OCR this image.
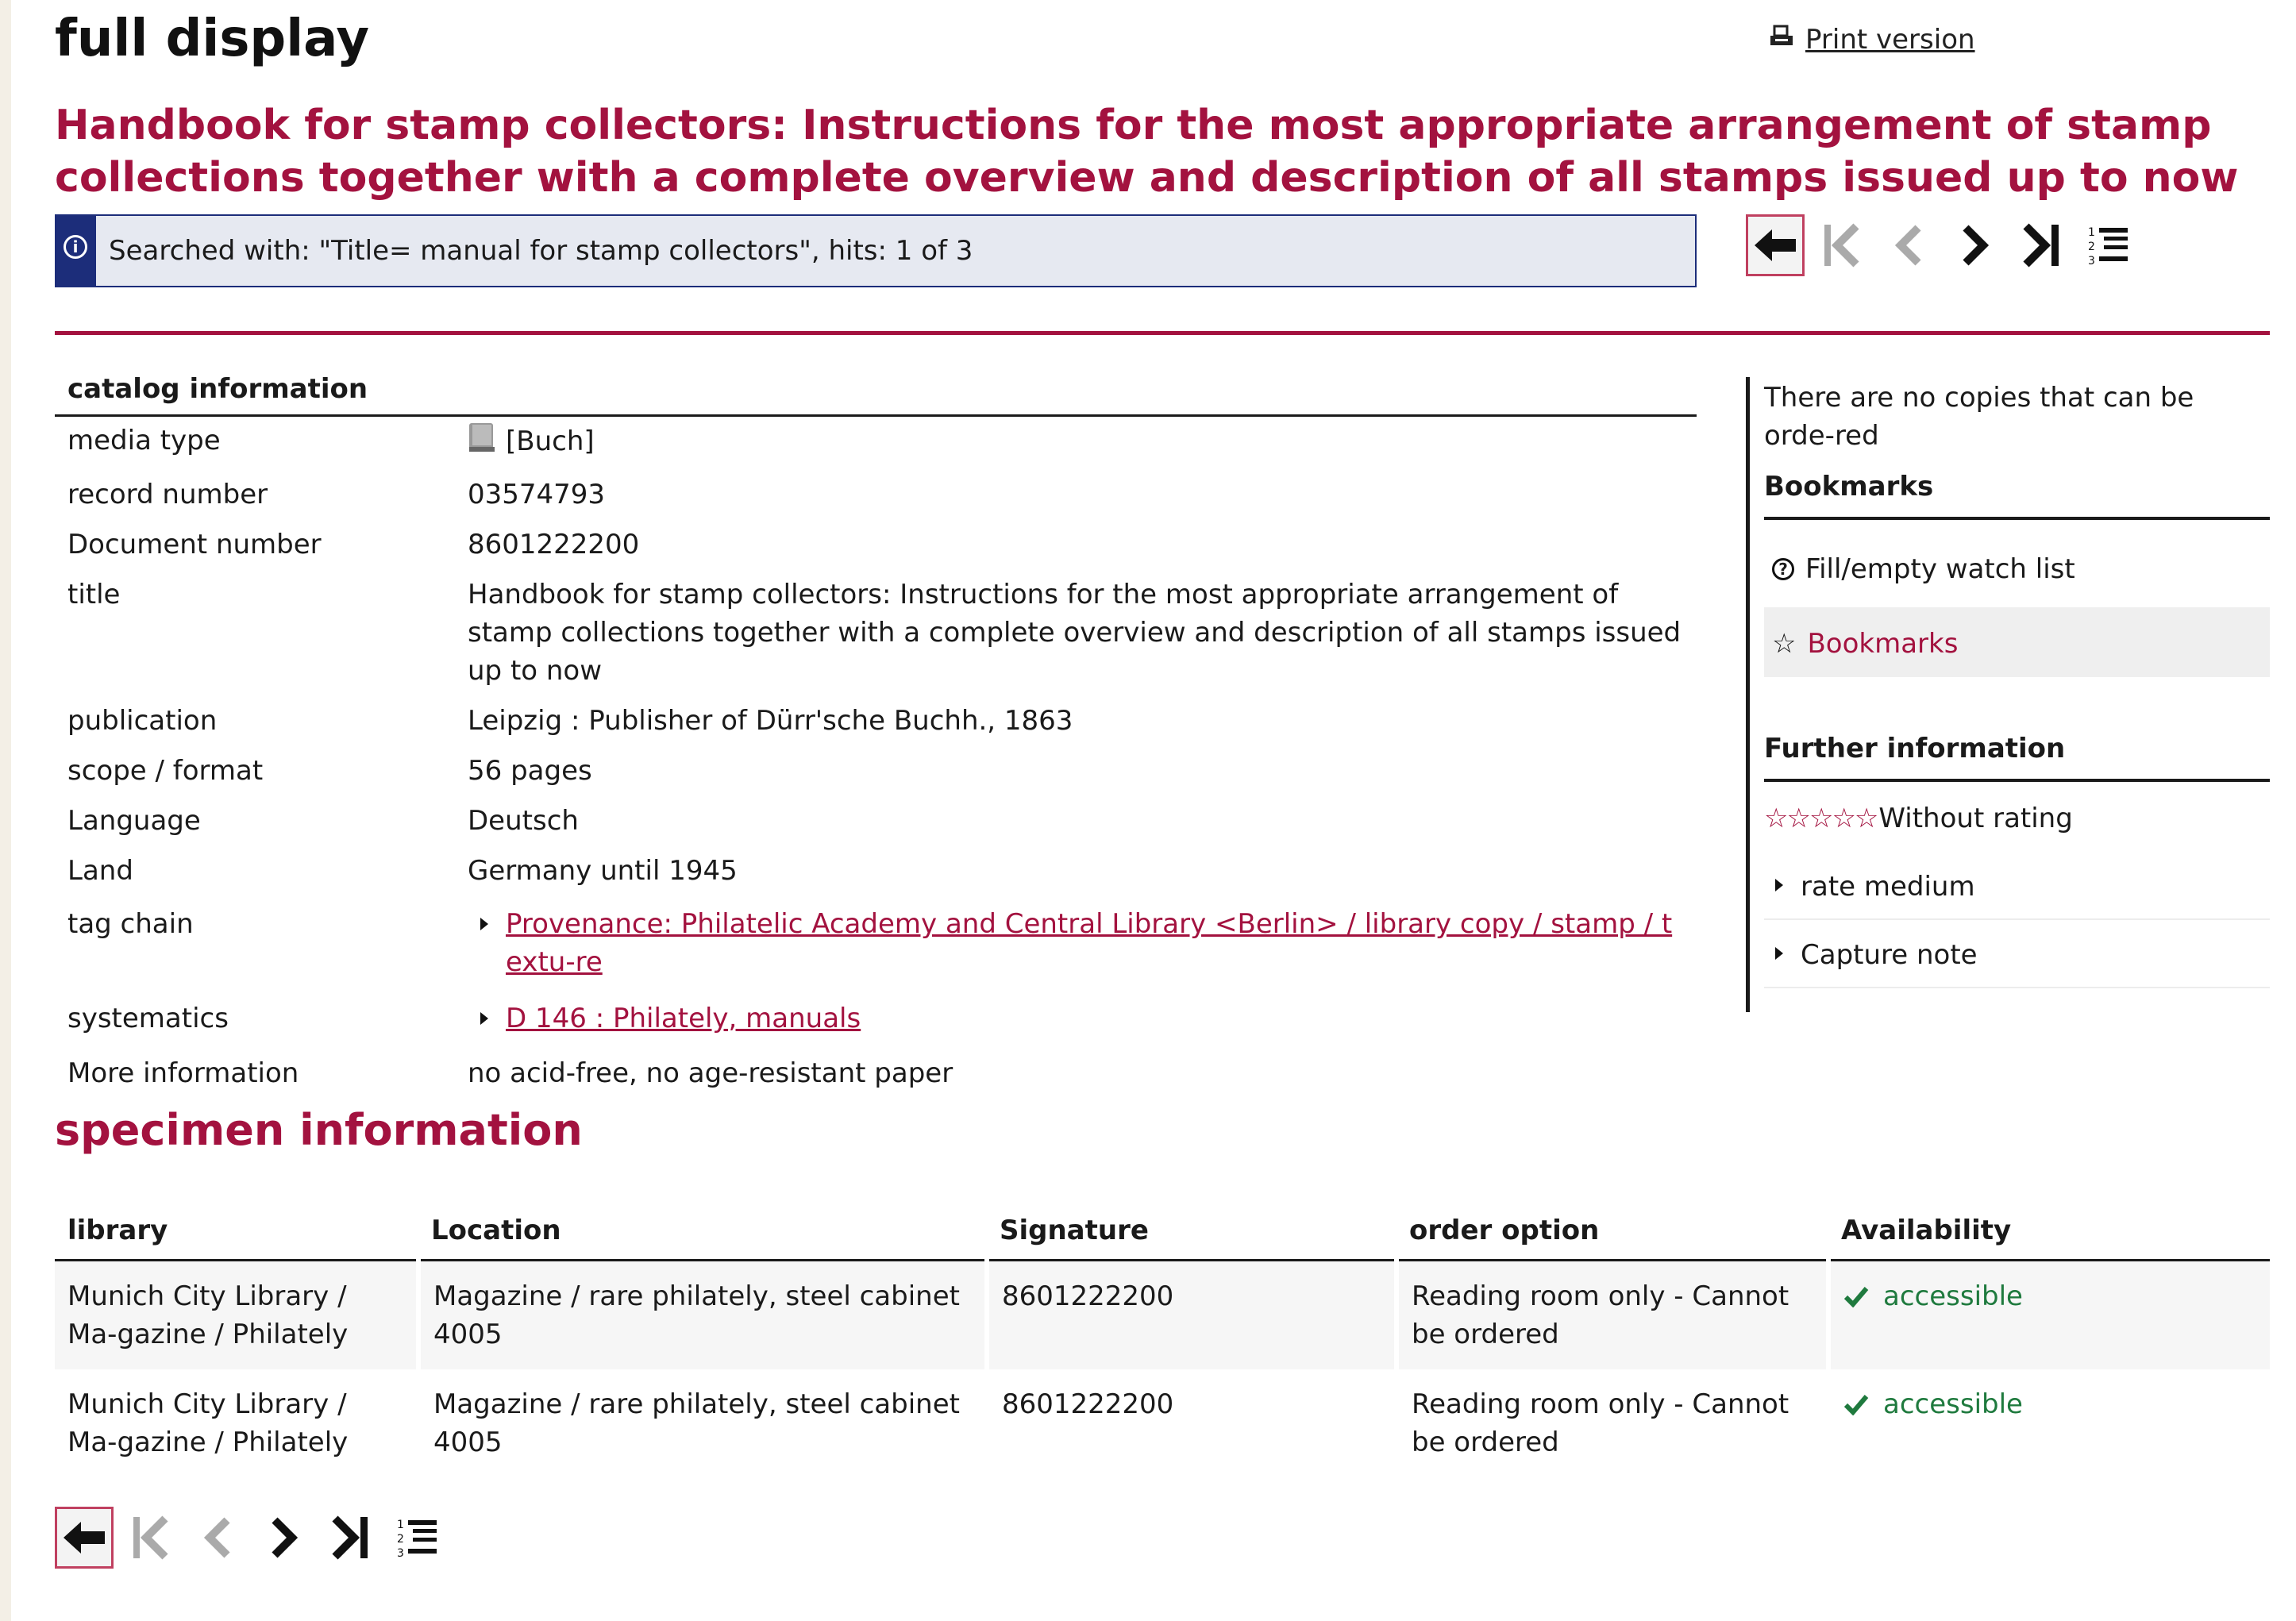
full display	Print version
Handbook for stamp collectors: Instructions for the most appropriate arrangement of stamp collections together with a complete overview and description of all stamps issued up to now
i	Searched with: "Title= manual for stamp collectors", hits: 1 of 3
1
2
3
catalog information
media type	[Buch]
record number	03574793
Document number	8601222200
title	Handbook for stamp collectors: Instructions for the most appropriate arrangement of stamp collections together with a complete overview and description of all stamps issued up to now
publication	Leipzig : Publisher of Dürr'sche Buchh., 1863
scope / format	56 pages
Language	Deutsch
Land	Germany until 1945
tag chain	Provenance: Philatelic Academy and Central Library <Berlin> / library copy / stamp / textu-re
systematics	D 146 : Philately, manuals
More information	no acid-free, no age-resistant paper
There are no copies that can be orde-red
Bookmarks
? Fill/empty watch list
☆ Bookmarks
Further information
☆☆☆☆☆ Without rating
rate medium
Capture note
specimen information
library	Location	Signature	order option	Availability
Munich City Library / Ma-gazine / Philately	Magazine / rare philately, steel cabinet 4005	8601222200	Reading room only - Cannot be ordered	accessible

Munich City Library / Ma-gazine / Philately	Magazine / rare philately, steel cabinet 4005	8601222200	Reading room only - Cannot be ordered	accessible
1
2
3
